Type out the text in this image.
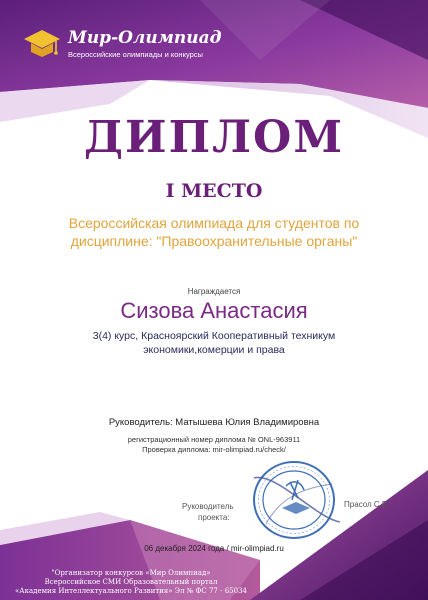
Мир-Олимпиад
Всероссийские олимпиады и конкурсы
ДИПЛОМ
I МЕСТО
Всероссийская олимпиада для студентов по дисциплине: "Правоохранительные органы"
Награждается
Сизова Анастасия
3(4) курс, Красноярский Кооперативный техникум
экономики,комерции и права
Руководитель: Матышева Юлия Владимировна
регистрационный номер диплома № ONL-963911
Проверка диплома: mir-olimpiad.ru/check/
Руководитель
проекта:
Прасол С.В.
06 декабря 2024 года / mir-olimpiad.ru
"Организатор конкурсов «Мир Олимпиад»
Всероссийское СМИ Образовательный портал
«Академия Интеллектуального Развития» Эл № ФС 77 - 65034
